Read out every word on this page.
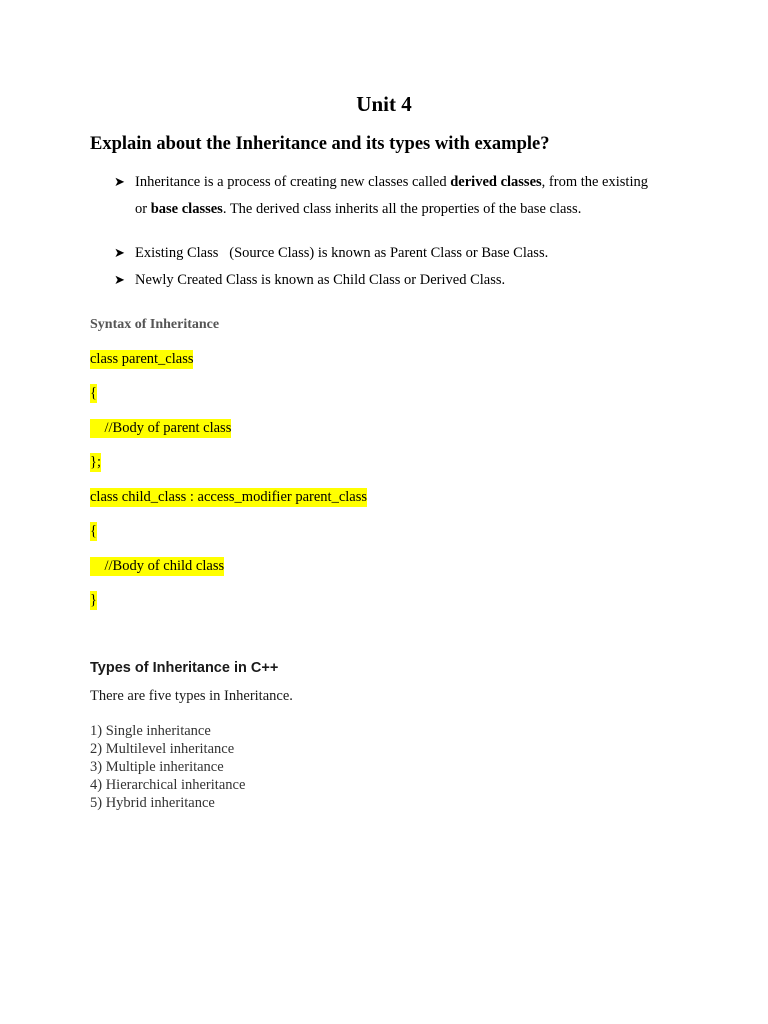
Unit 4
Explain about the Inheritance and its types with example?
➤ Inheritance is a process of creating new classes called derived classes, from the existing
or base classes. The derived class inherits all the properties of the base class.
➤ Existing Class   (Source Class) is known as Parent Class or Base Class.
➤ Newly Created Class is known as Child Class or Derived Class.
Syntax of Inheritance
class parent_class
{
//Body of parent class
};
class child_class : access_modifier parent_class
{
//Body of child class
}
Types of Inheritance in C++
There are five types in Inheritance.
1) Single inheritance
2) Multilevel inheritance
3) Multiple inheritance
4) Hierarchical inheritance
5) Hybrid inheritance
